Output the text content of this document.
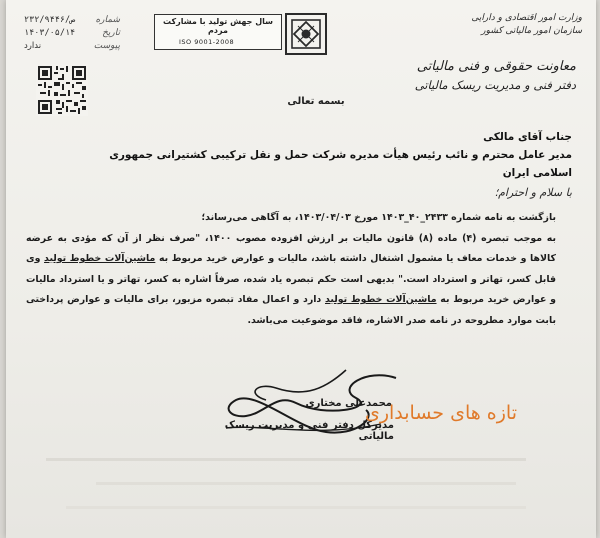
وزارت امور اقتصادی و دارایی
سازمان امور مالیاتی کشور
معاونت حقوقی و فنی مالیاتی
دفتر فنی و مدیریت ریسک مالیاتی
سال جهش تولید با مشارکت مردم
ISO 9001-2008
شماره
۲۳۲/۹۴۴۶/ص
تاریخ
۱۴۰۳/۰۵/۱۴
پیوست
ندارد
بسمه تعالی
جناب آقای مالکی
مدیر عامل محترم و نائب رئیس هیأت مدیره شرکت حمل و نقل ترکیبی کشتیرانی جمهوری اسلامی ایران
با سلام و احترام؛

بازگشت به نامه شماره ۲۴۳۳_۴۰_۱۴۰۳ مورخ ۱۴۰۳/۰۴/۰۳، به آگاهی می‌رساند؛

به موجب تبصره (۴) ماده (۸) قانون مالیات بر ارزش افزوده مصوب ۱۴۰۰، "صرف نظر از آن که مؤدی به عرضه کالاها و خدمات معاف یا مشمول اشتغال داشته باشد، مالیات و عوارض خرید مربوط به ماشین‌آلات خطوط تولید وی قابل کسر، تهاتر و استرداد است." بدیهی است حکم تبصره یاد شده، صرفاً اشاره به کسر، تهاتر و یا استرداد مالیات و عوارض خرید مربوط به ماشین‌آلات خطوط تولید دارد و اعمال مفاد تبصره مزبور، برای مالیات و عوارض پرداختی بابت موارد مطروحه در نامه صدر الاشاره، فاقد موضوعیت می‌باشد.

محمدعلی مختاری
مدیرکل دفتر فنی و مدیریت ریسک مالیاتی
تازه های حسابداری
